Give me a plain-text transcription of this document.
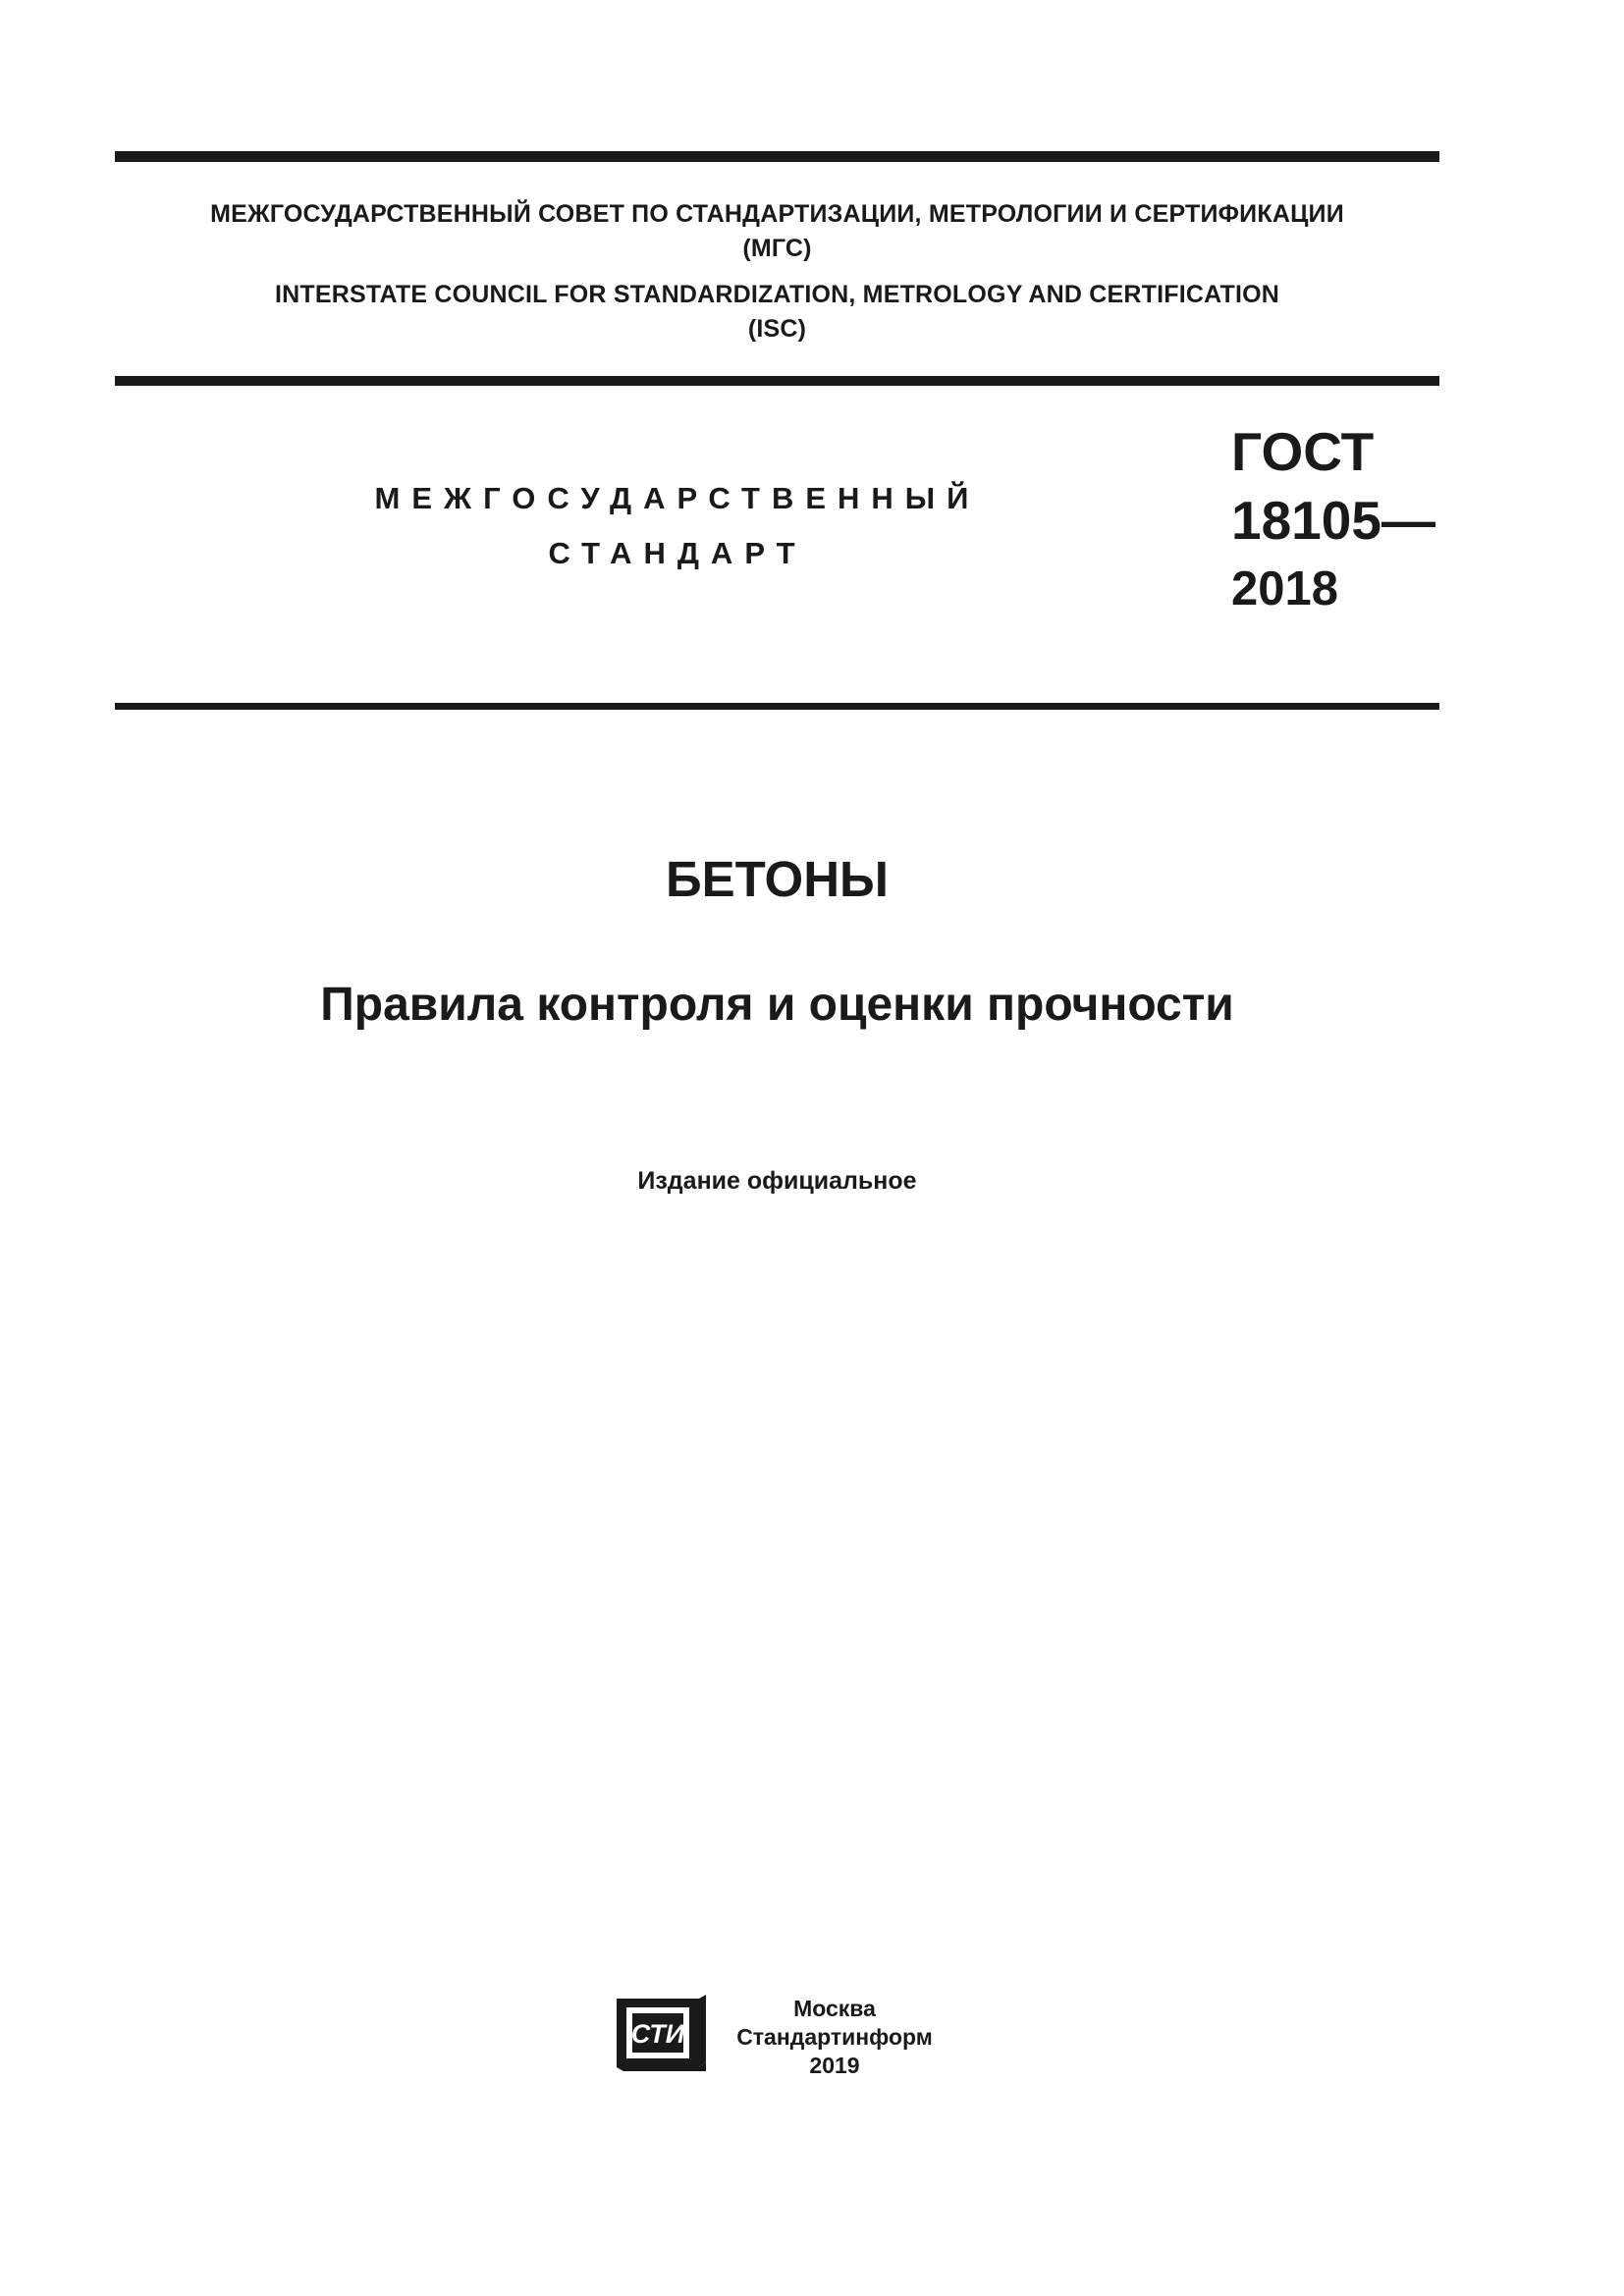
МЕЖГОСУДАРСТВЕННЫЙ СОВЕТ ПО СТАНДАРТИЗАЦИИ, МЕТРОЛОГИИ И СЕРТИФИКАЦИИ
(МГС)
INTERSTATE COUNCIL FOR STANDARDIZATION, METROLOGY AND CERTIFICATION
(ISC)
МЕЖГОСУДАРСТВЕННЫЙ
СТАНДАРТ
ГОСТ
18105—
2018
БЕТОНЫ
Правила контроля и оценки прочности
Издание официальное
СТИ
Москва
Стандартинформ
2019
